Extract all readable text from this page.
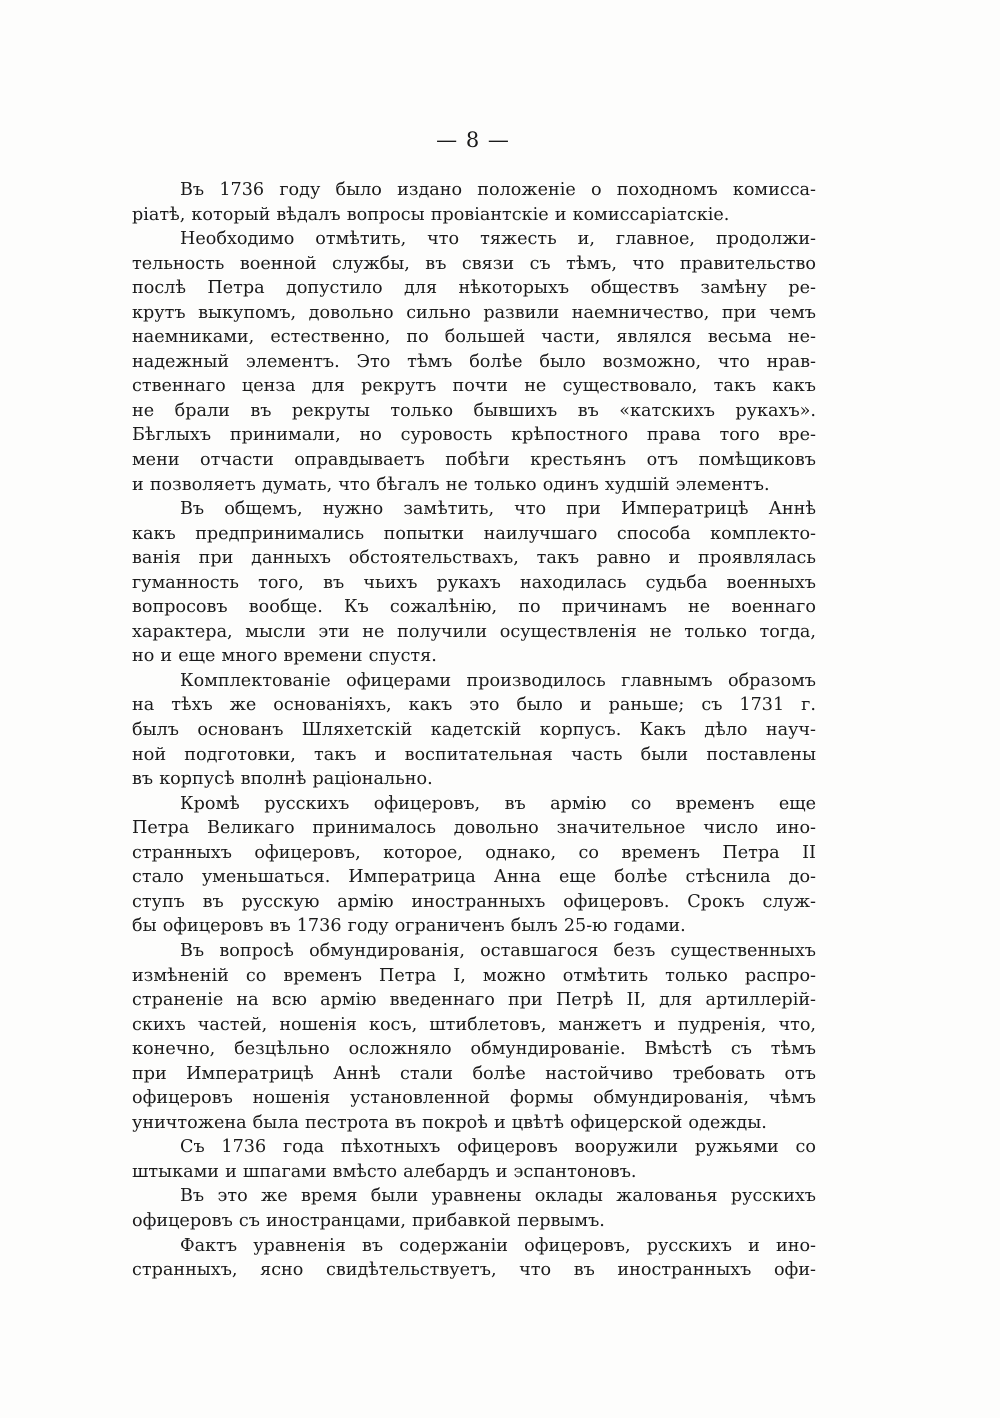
— 8 —
Въ 1736 году было издано положенiе о походномъ комисса-
рiатѣ, который вѣдалъ вопросы провiантскiе и комиссарiатскiе.
Необходимо отмѣтить, что тяжесть и, главное, продолжи-
тельность военной службы, въ связи съ тѣмъ, что правительство
послѣ Петра допустило для нѣкоторыхъ обществъ замѣну ре-
крутъ выкупомъ, довольно сильно развили наемничество, при чемъ
наемниками, естественно, по большей части, являлся весьма не-
надежный элементъ. Это тѣмъ болѣе было возможно, что нрав-
ственнаго ценза для рекрутъ почти не существовало, такъ какъ
не брали въ рекруты только бывшихъ въ «катскихъ рукахъ».
Бѣглыхъ принимали, но суровость крѣпостного права того вре-
мени отчасти оправдываетъ побѣги крестьянъ отъ помѣщиковъ
и позволяетъ думать, что бѣгалъ не только одинъ худшiй элементъ.
Въ общемъ, нужно замѣтить, что при Императрицѣ Аннѣ
какъ предпринимались попытки наилучшаго способа комплекто-
ванiя при данныхъ обстоятельствахъ, такъ равно и проявлялась
гуманность того, въ чьихъ рукахъ находилась судьба военныхъ
вопросовъ вообще. Къ сожалѣнiю, по причинамъ не военнаго
характера, мысли эти не получили осуществленiя не только тогда,
но и еще много времени спустя.
Комплектованiе офицерами производилось главнымъ образомъ
на тѣхъ же основанiяхъ, какъ это было и раньше; съ 1731 г.
былъ основанъ Шляхетскiй кадетскiй корпусъ. Какъ дѣло науч-
ной подготовки, такъ и воспитательная часть были поставлены
въ корпусѣ вполнѣ рацiонально.
Кромѣ русскихъ офицеровъ, въ армiю со временъ еще
Петра Великаго принималось довольно значительное число ино-
странныхъ офицеровъ, которое, однако, со временъ Петра II
стало уменьшаться. Императрица Анна еще болѣе стѣснила до-
ступъ въ русскую армiю иностранныхъ офицеровъ. Срокъ служ-
бы офицеровъ въ 1736 году ограниченъ былъ 25-ю годами.
Въ вопросѣ обмундированiя, оставшагося безъ существенныхъ
измѣненiй со временъ Петра I, можно отмѣтить только распро-
страненiе на всю армiю введеннаго при Петрѣ II, для артиллерiй-
скихъ частей, ношенiя косъ, штиблетовъ, манжетъ и пудренiя, что,
конечно, безцѣльно осложняло обмундированiе. Вмѣстѣ съ тѣмъ
при Императрицѣ Аннѣ стали болѣе настойчиво требовать отъ
офицеровъ ношенiя установленной формы обмундированiя, чѣмъ
уничтожена была пестрота въ покроѣ и цвѣтѣ офицерской одежды.
Съ 1736 года пѣхотныхъ офицеровъ вооружили ружьями со
штыками и шпагами вмѣсто алебардъ и эспантоновъ.
Въ это же время были уравнены оклады жалованья русскихъ
офицеровъ съ иностранцами, прибавкой первымъ.
Фактъ уравненiя въ содержанiи офицеровъ, русскихъ и ино-
странныхъ, ясно свидѣтельствуетъ, что въ иностранныхъ офи-
